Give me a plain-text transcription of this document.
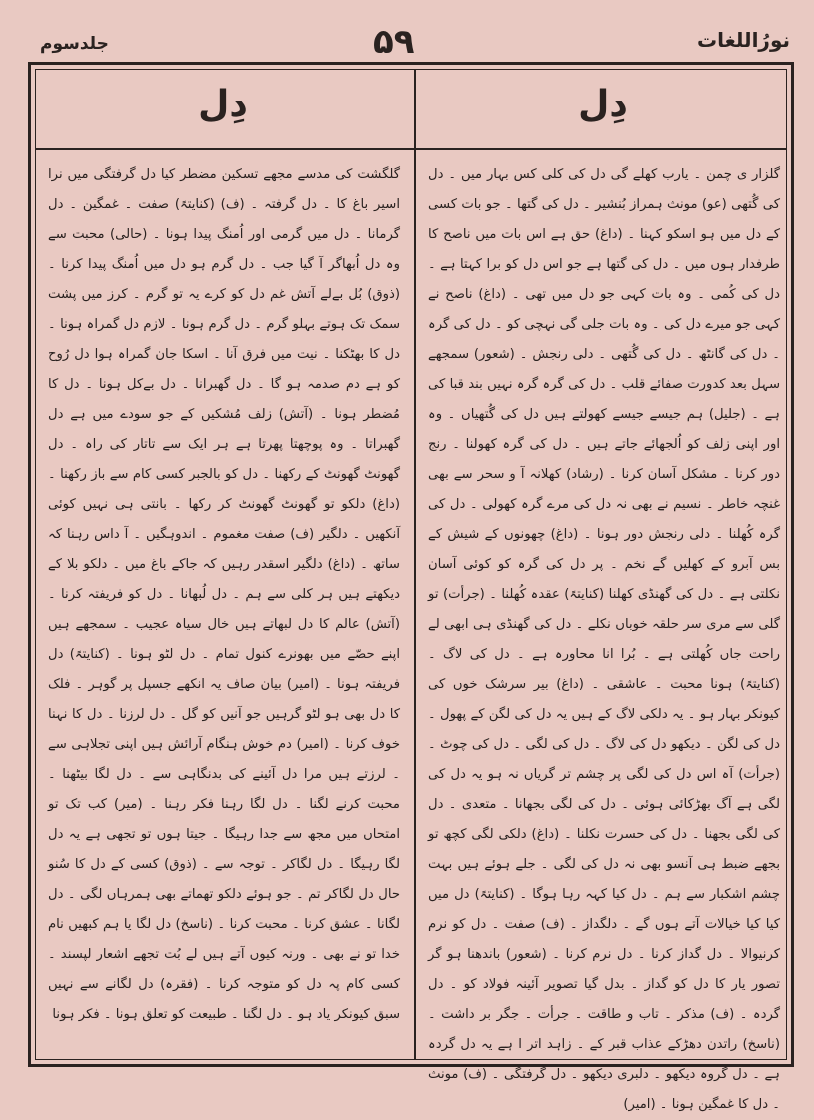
جلدسوم	۵۹	نورُاللغات
دِل	دِل

گلگشت کی مدسے مجھے تسکین مضطر کیا دل گرفتگی میں نرا اسیر باغ کا ۔ دل گرفتہ ۔ (ف) (کنایتہً) صفت ۔ غمگین ۔ دل گرمانا ۔ دل میں گرمی اور اُمنگ پیدا ہونا ۔ (حالی) محبت سے وہ دل اُبھاگر آ گیا جب ۔ دل گرم ہو دل میں اُمنگ پیدا کرنا ۔ (ذوق) بُل بےلے آتش غم دل کو کرے یہ تو گرم ۔ کرز میں پشت سمک تک ہوتے بہلو گرم ۔ دل گرم ہونا ۔ لازم دل گمراہ ہونا ۔ دل کا بھٹکنا ۔ نیت میں فرق آنا ۔ اسکا جان گمراہ ہوا دل رُوح کو ہے دم صدمہ ہو گا ۔ دل گھبرانا ۔ دل بےکل ہونا ۔ دل کا مُضطر ہونا ۔ (آتش) زلف مُشکیں کے جو سودے میں ہے دل گھبراتا ۔ وہ پوچھتا پھرتا ہے ہر ایک سے تاتار کی راہ ۔ دل گھونٹ گھونٹ کے رکھنا ۔ دل کو بالجبر کسی کام سے باز رکھنا ۔ (داغ) دلکو تو گھونٹ گھونٹ کر رکھا ۔ بانتی ہی نہیں کوئی آنکھیں ۔ دلگیر (ف) صفت مغموم ۔ اندوہگیں ۔ آ داس رہنا کہ ساتھ ۔ (داغ) دلگیر اسقدر رہیں کہ جاکے باغ میں ۔ دلکو بلا کے دیکھتے ہیں ہر کلی سے ہم ۔ دل لُبھانا ۔ دل کو فریفتہ کرنا ۔ (آتش) عالم کا دل لبھاتے ہیں خال سیاہ عجیب ۔ سمجھے ہیں اپنے حصّے میں بھونرے کنول تمام ۔ دل لٹو ہونا ۔ (کنایتہً) دل فریفتہ ہونا ۔ (امیر) بیان صاف یہ انکھے جسپل پر گوہر ۔ فلک کا دل بھی ہو لٹو گرہیں جو آنیں کو گل ۔ دل لرزنا ۔ دل کا نہنا خوف کرنا ۔ (امیر) دم خوش ہنگام آرائش ہیں اپنی تجلاہی سے ۔ لرزتے ہیں مرا دل آئینے کی بدنگاہی سے ۔ دل لگا بیٹھنا ۔ محبت کرنے لگنا ۔ دل لگا رہنا فکر رہنا ۔ (میر) کب تک تو امتحاں میں مجھ سے جدا رہیگا ۔ جیتا ہوں تو تجھی ہے یہ دل لگا رہیگا ۔ دل لگاکر ۔ توجہ سے ۔ (ذوق) کسی کے دل کا سُنو حال دل لگاکر تم ۔ جو ہوئے دلکو تھماتے بھی ہمرہاں لگی ۔ دل لگانا ۔ عشق کرنا ۔ محبت کرنا ۔ (ناسخ) دل لگا یا ہم کبھیں نام خدا تو نے بھی ۔ ورنہ کیوں آتے ہیں لے بُت تجھے اشعار لپسند ۔ کسی کام پہ دل کو متوجہ کرنا ۔ (فقرہ) دل لگانے سے نہیں سبق کیونکر یاد ہو ۔ دل لگنا ۔ طبیعت کو تعلق ہونا ۔ فکر ہونا

گلزار ی چمن ۔ یارب کھلے گی دل کی کلی کس بہار میں ۔ دل کی گُتھی (عو) مونث ہمراز بُنشیر ۔ دل کی گتھا ۔ جو بات کسی کے دل میں ہو اسکو کہنا ۔ (داغ) حق ہے اس بات میں ناصح کا طرفدار ہوں میں ۔ دل کی گتھا ہے جو اس دل کو برا کہتا ہے ۔ دل کی کُمی ۔ وہ بات کہی جو دل میں تھی ۔ (داغ) ناصح نے کہی جو میرے دل کی ۔ وہ بات جلی گی نہچی کو ۔ دل کی گرہ ۔ دل کی گانٹھ ۔ دل کی گُتھی ۔ دلی رنجش ۔ (شعور) سمجھے سہل بعد کدورت صفائے قلب ۔ دل کی گرہ گرہ نہیں بند قبا کی ہے ۔ (جلیل) ہم جیسے جیسے کھولتے ہیں دل کی گُتھیاں ۔ وہ اور اپنی زلف کو اُلجھائے جاتے ہیں ۔ دل کی گرہ کھولنا ۔ رنج دور کرنا ۔ مشکل آسان کرنا ۔ (رشاد) کھلانہ آ و سحر سے بھی غنچہ خاطر ۔ نسیم نے بھی نہ دل کی مرے گرہ کھولی ۔ دل کی گرہ کُھلنا ۔ دلی رنجش دور ہونا ۔ (داغ) چھونوں کے شیش کے بس آبرو کے کھلیں گے نخم ۔ پر دل کی گرہ کو کوئی آسان نکلتی ہے ۔ دل کی گھنڈی کھلنا (کنایتہً) عقدہ کُھلنا ۔ (جرأت) تو گلی سے مری سر حلقہ خوباں نکلے ۔ دل کی گھنڈی ہی ابھی لے راحت جاں کُھلتی ہے ۔ بُرا انا محاورہ ہے ۔ دل کی لاگ ۔ (کنایتہً) ہونا محبت ۔ عاشقی ۔ (داغ) بیر سرشک خوں کی کیونکر بہار ہو ۔ یہ دلکی لاگ کے ہیں یہ دل کی لگن کے پھول ۔ دل کی لگن ۔ دیکھو دل کی لاگ ۔ دل کی لگی ۔ دل کی چوٹ ۔ (جرأت) آہ اس دل کی لگی پر چشم تر گریاں نہ ہو یہ دل کی لگی ہے آگ بھڑکائی ہوئی ۔ دل کی لگی بجھانا ۔ متعدی ۔ دل کی لگی بجھنا ۔ دل کی حسرت نکلنا ۔ (داغ) دلکی لگی کچھ تو بجھے ضبط ہی آنسو بھی نہ دل کی لگی ۔ جلے ہوئے ہیں بہت چشم اشکبار سے ہم ۔ دل کیا کہہ رہا ہوگا ۔ (کنایتہً) دل میں کیا کیا خیالات آتے ہوں گے ۔ دلگداز ۔ (ف) صفت ۔ دل کو نرم کرنیوالا ۔ دل گداز کرنا ۔ دل نرم کرنا ۔ (شعور) باندھنا ہو گر تصور یار کا دل کو گداز ۔ بدل گیا تصویر آئینہ فولاد کو ۔ دل گردہ ۔ (ف) مذکر ۔ تاب و طاقت ۔ جرأت ۔ جگر بر داشت ۔ (ناسخ) راتدن دھڑکے عذاب قبر کے ۔ زاہد اتر ا ہے یہ دل گردہ ہے ۔ دل گروہ دیکھو ۔ دلبری دیکھو ۔ دل گرفتگی ۔ (ف) مونث ۔ دل کا غمگین ہونا ۔ (امیر)
